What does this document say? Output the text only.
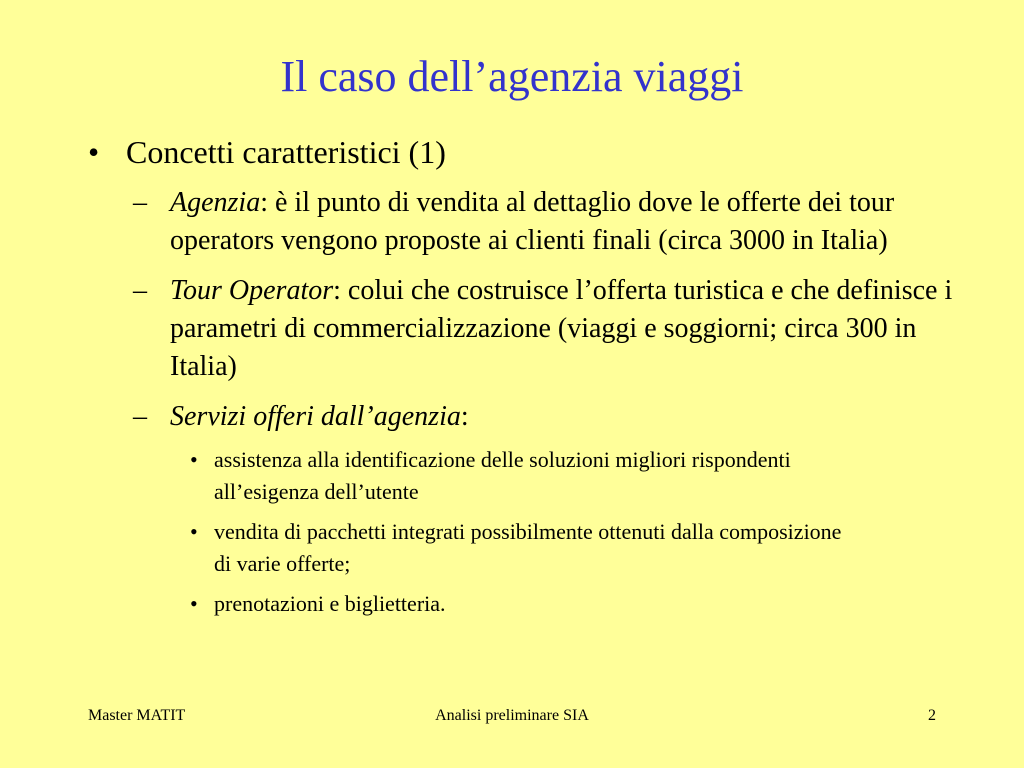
Il caso dell’agenzia viaggi
• Concetti caratteristici (1)
– Agenzia: è il punto di vendita al dettaglio dove le offerte dei tour operators vengono proposte ai clienti finali (circa 3000 in Italia)
– Tour Operator: colui che costruisce l’offerta turistica e che definisce i parametri di commercializzazione (viaggi e soggiorni; circa 300 in Italia)
– Servizi offeri dall’agenzia:
• assistenza alla identificazione delle soluzioni migliori rispondenti all’esigenza dell’utente
• vendita di pacchetti integrati possibilmente ottenuti dalla composizione di varie offerte;
• prenotazioni e biglietteria.
Master MATIT	Analisi preliminare SIA	2
